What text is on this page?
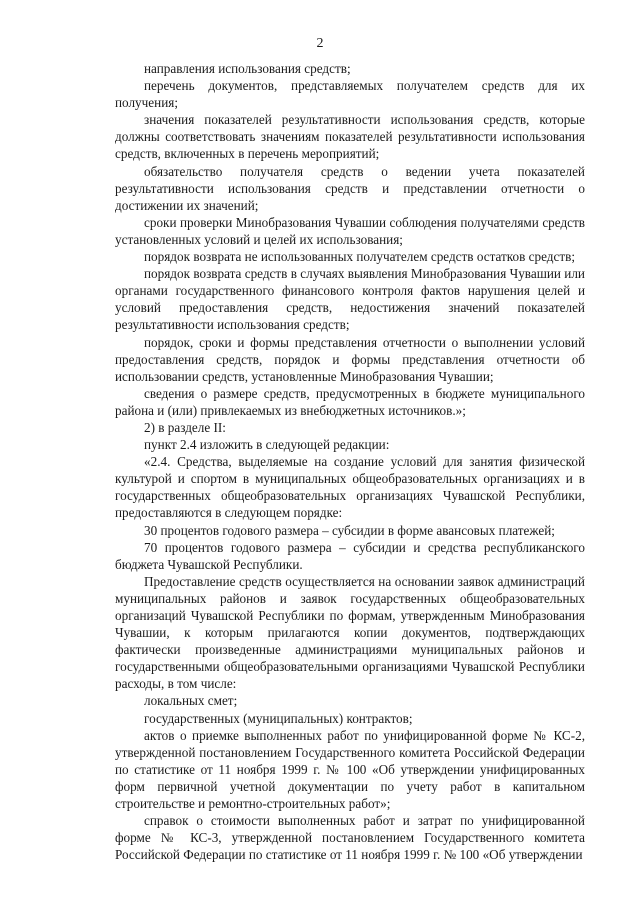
2

направления использования средств;

перечень документов, представляемых получателем средств для их получения;

значения показателей результативности использования средств, которые должны соответствовать значениям показателей результативности использования средств, включенных в перечень мероприятий;

обязательство получателя средств о ведении учета показателей результативности использования средств и представлении отчетности о достижении их значений;

сроки проверки Минобразования Чувашии соблюдения получателями средств установленных условий и целей их использования;

порядок возврата не использованных получателем средств остатков средств;

порядок возврата средств в случаях выявления Минобразования Чувашии или органами государственного финансового контроля фактов нарушения целей и условий предоставления средств, недостижения значений показателей результативности использования средств;

порядок, сроки и формы представления отчетности о выполнении условий предоставления средств, порядок и формы представления отчетности об использовании средств, установленные Минобразования Чувашии;

сведения о размере средств, предусмотренных в бюджете муниципального района и (или) привлекаемых из внебюджетных источников.»;

2) в разделе II:

пункт 2.4 изложить в следующей редакции:

«2.4. Средства, выделяемые на создание условий для занятия физической культурой и спортом в муниципальных общеобразовательных организациях и в государственных общеобразовательных организациях Чувашской Республики, предоставляются в следующем порядке:

30 процентов годового размера – субсидии в форме авансовых платежей;

70 процентов годового размера – субсидии и средства республиканского бюджета Чувашской Республики.

Предоставление средств осуществляется на основании заявок администраций муниципальных районов и заявок государственных общеобразовательных организаций Чувашской Республики по формам, утвержденным Минобразования Чувашии, к которым прилагаются копии документов, подтверждающих фактически произведенные администрациями муниципальных районов и государственными общеобразовательными организациями Чувашской Республики расходы, в том числе:

локальных смет;

государственных (муниципальных) контрактов;

актов о приемке выполненных работ по унифицированной форме № КС-2, утвержденной постановлением Государственного комитета Российской Федерации по статистике от 11 ноября 1999 г. № 100 «Об утверждении унифицированных форм первичной учетной документации по учету работ в капитальном строительстве и ремонтно-строительных работ»;

справок о стоимости выполненных работ и затрат по унифицированной форме № КС-3, утвержденной постановлением Государственного комитета Российской Федерации по статистике от 11 ноября 1999 г. № 100 «Об утверждении
